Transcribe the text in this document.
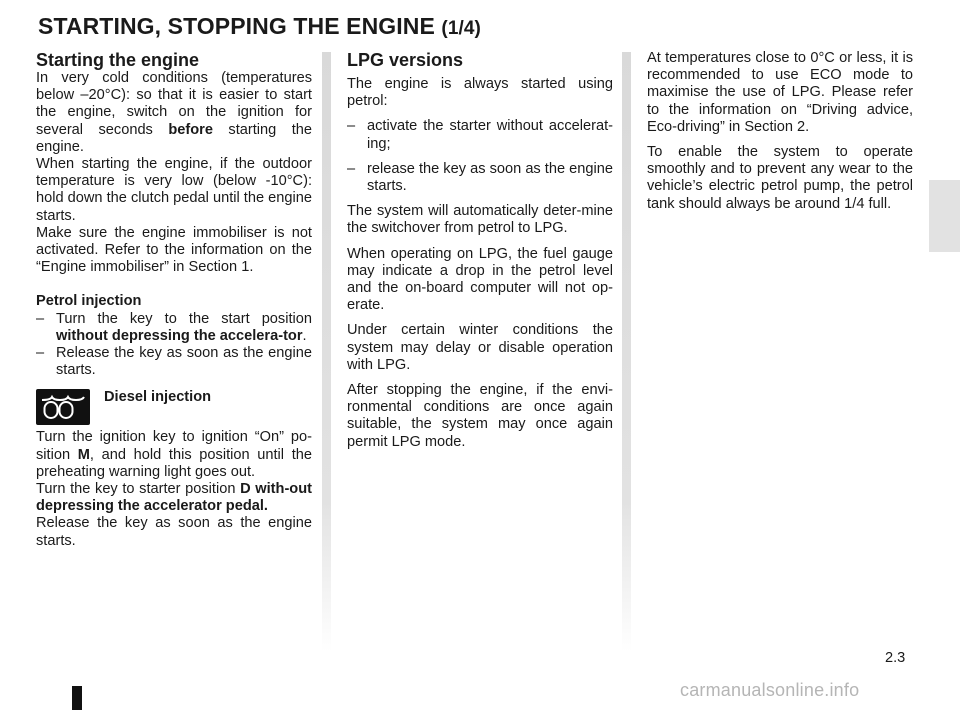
STARTING, STOPPING THE ENGINE (1/4)

Starting the engine

In very cold conditions (temperatures below –20°C): so that it is easier to start the engine, switch on the ignition for several seconds before starting the engine.

When starting the engine, if the outdoor temperature is very low (below -10°C): hold down the clutch pedal until the engine starts.

Make sure the engine immobiliser is not activated. Refer to the information on the “Engine immobiliser” in Section 1.

Petrol injection

– Turn the key to the start position without depressing the accelera-tor.

– Release the key as soon as the engine starts.

Diesel injection

Turn the ignition key to ignition “On” po-sition M, and hold this position until the preheating warning light goes out.

Turn the key to starter position D with-out depressing the accelerator pedal.

Release the key as soon as the engine starts.

LPG versions

The engine is always started using petrol:

– activate the starter without accelerat-ing;

– release the key as soon as the engine starts.

The system will automatically deter-mine the switchover from petrol to LPG.

When operating on LPG, the fuel gauge may indicate a drop in the petrol level and the on-board computer will not op-erate.

Under certain winter conditions the system may delay or disable operation with LPG.

After stopping the engine, if the envi-ronmental conditions are once again suitable, the system may once again permit LPG mode.

At temperatures close to 0°C or less, it is recommended to use ECO mode to maximise the use of LPG. Please refer to the information on “Driving advice, Eco-driving” in Section 2.

To enable the system to operate smoothly and to prevent any wear to the vehicle’s electric petrol pump, the petrol tank should always be around 1/4 full.

2.3
carmanualsonline.info
